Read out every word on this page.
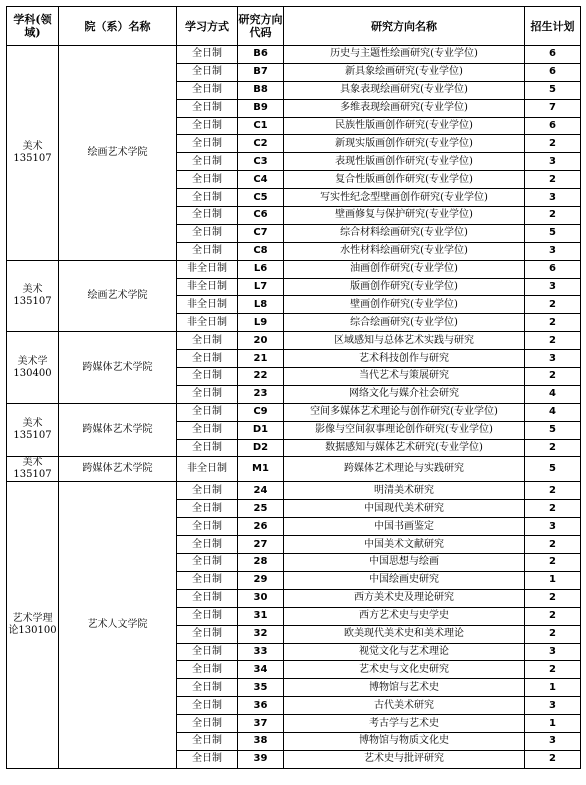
学科(领域)	院（系）名称	学习方式	研究方向代码	研究方向名称	招生计划
美术
135107	绘画艺术学院	全日制	B6	历史与主题性绘画研究(专业学位)	6
		全日制	B7	新具象绘画研究(专业学位)	6
		全日制	B8	具象表现绘画研究(专业学位)	5
		全日制	B9	多维表现绘画研究(专业学位)	7
		全日制	C1	民族性版画创作研究(专业学位)	6
		全日制	C2	新现实版画创作研究(专业学位)	2
		全日制	C3	表现性版画创作研究(专业学位)	3
		全日制	C4	复合性版画创作研究(专业学位)	2
		全日制	C5	写实性纪念型壁画创作研究(专业学位)	3
		全日制	C6	壁画修复与保护研究(专业学位)	2
		全日制	C7	综合材料绘画研究(专业学位)	5
		全日制	C8	水性材料绘画研究(专业学位)	3
美术
135107	绘画艺术学院	非全日制	L6	油画创作研究(专业学位)	6
		非全日制	L7	版画创作研究(专业学位)	3
		非全日制	L8	壁画创作研究(专业学位)	2
		非全日制	L9	综合绘画研究(专业学位)	2
美术学
130400	跨媒体艺术学院	全日制	20	区域感知与总体艺术实践与研究	2
		全日制	21	艺术科技创作与研究	3
		全日制	22	当代艺术与策展研究	2
		全日制	23	网络文化与媒介社会研究	4
美术
135107	跨媒体艺术学院	全日制	C9	空间多媒体艺术理论与创作研究(专业学位)	4
		全日制	D1	影像与空间叙事理论创作研究(专业学位)	5
		全日制	D2	数据感知与媒体艺术研究(专业学位)	2
美术
135107	跨媒体艺术学院	非全日制	M1	跨媒体艺术理论与实践研究	5
艺术学理
论130100	艺术人文学院	全日制	24	明清美术研究	2
		全日制	25	中国现代美术研究	2
		全日制	26	中国书画鉴定	3
		全日制	27	中国美术文献研究	2
		全日制	28	中国思想与绘画	2
		全日制	29	中国绘画史研究	1
		全日制	30	西方美术史及理论研究	2
		全日制	31	西方艺术史与史学史	2
		全日制	32	欧美现代美术史和美术理论	2
		全日制	33	视觉文化与艺术理论	3
		全日制	34	艺术史与文化史研究	2
		全日制	35	博物馆与艺术史	1
		全日制	36	古代美术研究	3
		全日制	37	考古学与艺术史	1
		全日制	38	博物馆与物质文化史	3
		全日制	39	艺术史与批评研究	2
